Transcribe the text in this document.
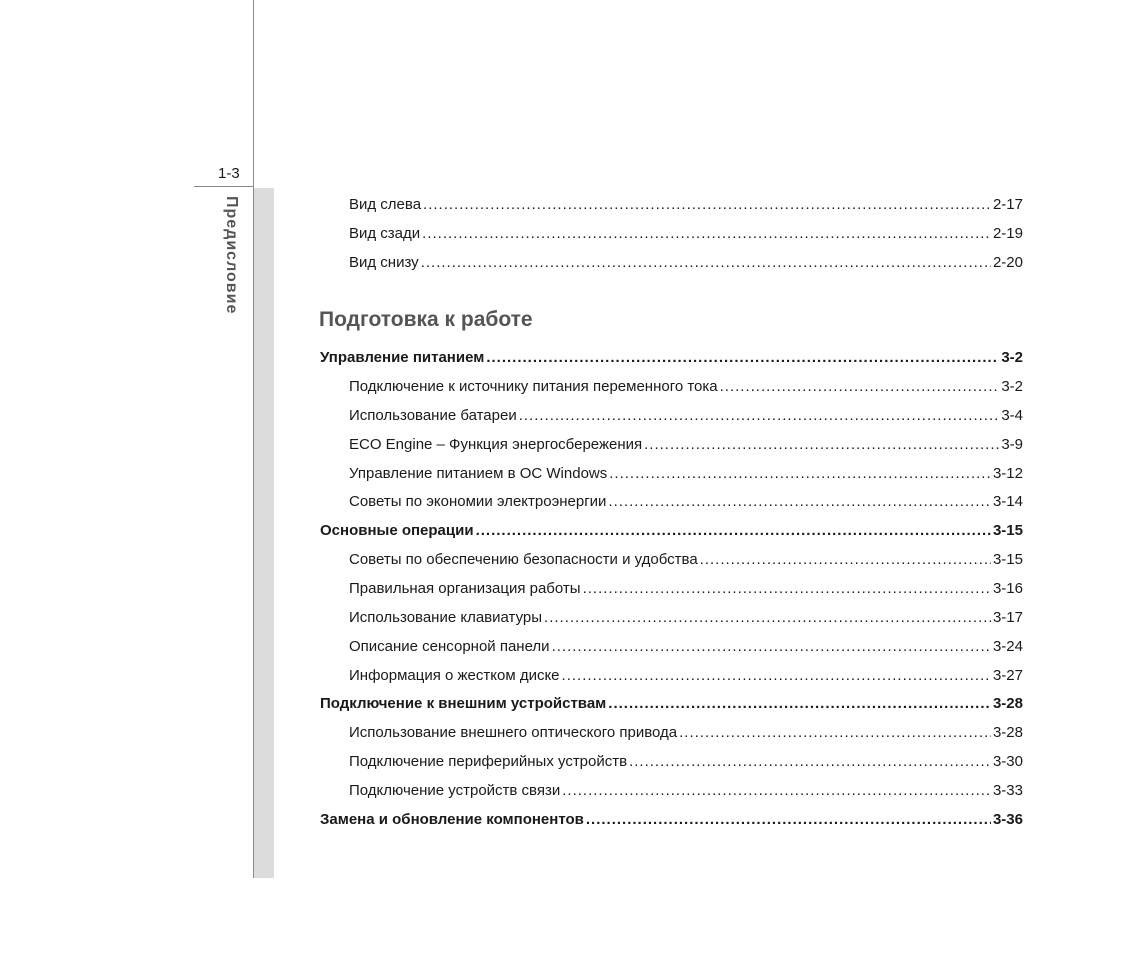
1-3
Предисловие	Вид слева .....	2-17
Вид сзади .....	2-19
Вид снизу .....	2-20
Подготовка к работе
Управление питанием .....	3-2
Подключение к источнику питания переменного тока .....	3-2
Использование батареи .....	3-4
ECO Engine – Функция энергосбережения .....	3-9
Управление питанием в ОС Windows .....	3-12
Советы по экономии электроэнергии .....	3-14
Основные операции .....	3-15
Советы по обеспечению безопасности и удобства .....	3-15
Правильная организация работы .....	3-16
Использование клавиатуры .....	3-17
Описание сенсорной панели .....	3-24
Информация о жестком диске .....	3-27
Подключение к внешним устройствам .....	3-28
Использование внешнего оптического привода .....	3-28
Подключение периферийных устройств .....	3-30
Подключение устройств связи .....	3-33
Замена и обновление компонентов .....	3-36
